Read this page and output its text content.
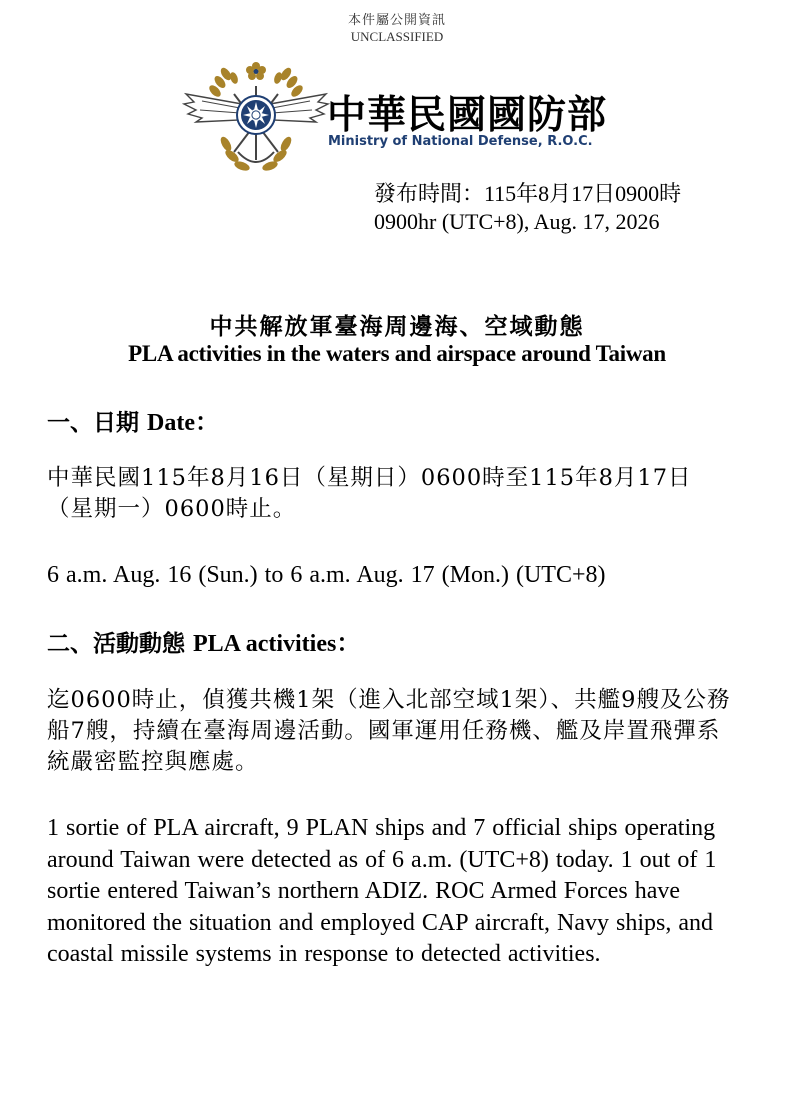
本件屬公開資訊
UNCLASSIFIED
中華民國國防部
Ministry of National Defense, R.O.C.
發布時間：115年8月17日0900時
0900hr (UTC+8), Aug. 17, 2026
中共解放軍臺海周邊海、空域動態
PLA activities in the waters and airspace around Taiwan
一、日期 Date：
中華民國115年8月16日（星期日）0600時至115年8月17日（星期一）0600時止。
6 a.m. Aug. 16 (Sun.) to 6 a.m. Aug. 17 (Mon.) (UTC+8)
二、活動動態 PLA activities：
迄0600時止，偵獲共機1架（進入北部空域1架）、共艦9艘及公務船7艘，持續在臺海周邊活動。國軍運用任務機、艦及岸置飛彈系統嚴密監控與應處。
1 sortie of PLA aircraft, 9 PLAN ships and 7 official ships operating around Taiwan were detected as of 6 a.m. (UTC+8) today. 1 out of 1 sortie entered Taiwan’s northern ADIZ. ROC Armed Forces have monitored the situation and employed CAP aircraft, Navy ships, and coastal missile systems in response to detected activities.
